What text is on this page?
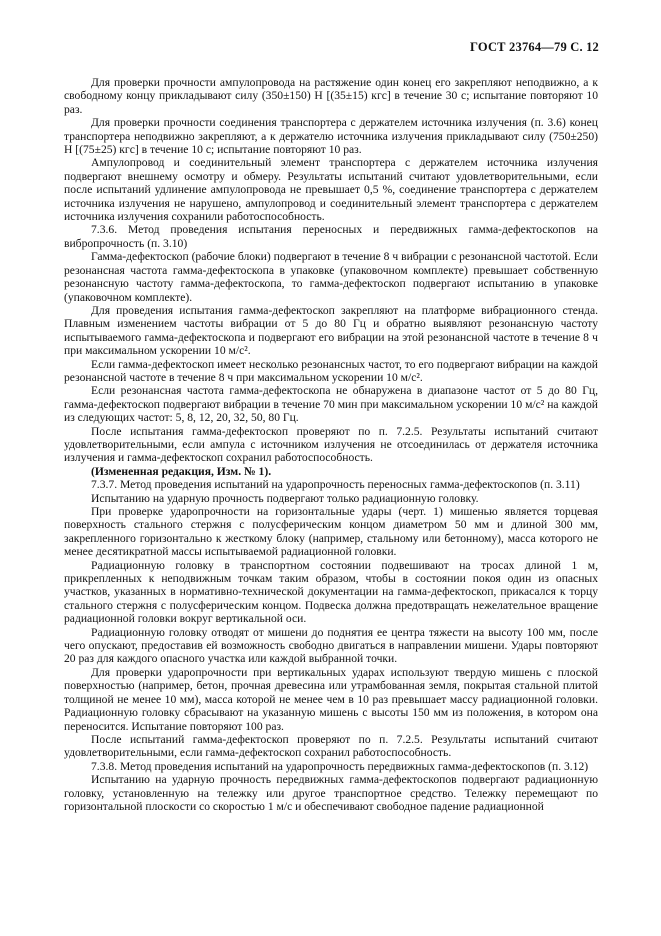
ГОСТ 23764—79 С. 12

Для проверки прочности ампулопровода на растяжение один конец его закрепляют неподвижно, а к свободному концу прикладывают силу (350±150) Н [(35±15) кгс] в течение 30 с; испытание повторяют 10 раз.

Для проверки прочности соединения транспортера с держателем источника излучения (п. 3.6) конец транспортера неподвижно закрепляют, а к держателю источника излучения прикладывают силу (750±250) Н [(75±25) кгс] в течение 10 с; испытание повторяют 10 раз.

Ампулопровод и соединительный элемент транспортера с держателем источника излучения подвергают внешнему осмотру и обмеру. Результаты испытаний считают удовлетворительными, если после испытаний удлинение ампулопровода не превышает 0,5 %, соединение транспортера с держателем источника излучения не нарушено, ампулопровод и соединительный элемент транспортера с держателем источника излучения сохранили работоспособность.

7.3.6. Метод проведения испытания переносных и передвижных гамма-дефектоскопов на вибропрочность (п. 3.10)

Гамма-дефектоскоп (рабочие блоки) подвергают в течение 8 ч вибрации с резонансной частотой. Если резонансная частота гамма-дефектоскопа в упаковке (упаковочном комплекте) превышает собственную резонансную частоту гамма-дефектоскопа, то гамма-дефектоскоп подвергают испытанию в упаковке (упаковочном комплекте).

Для проведения испытания гамма-дефектоскоп закрепляют на платформе вибрационного стенда. Плавным изменением частоты вибрации от 5 до 80 Гц и обратно выявляют резонансную частоту испытываемого гамма-дефектоскопа и подвергают его вибрации на этой резонансной частоте в течение 8 ч при максимальном ускорении 10 м/с².

Если гамма-дефектоскоп имеет несколько резонансных частот, то его подвергают вибрации на каждой резонансной частоте в течение 8 ч при максимальном ускорении 10 м/с².

Если резонансная частота гамма-дефектоскопа не обнаружена в диапазоне частот от 5 до 80 Гц, гамма-дефектоскоп подвергают вибрации в течение 70 мин при максимальном ускорении 10 м/с² на каждой из следующих частот: 5, 8, 12, 20, 32, 50, 80 Гц.

После испытания гамма-дефектоскоп проверяют по п. 7.2.5. Результаты испытаний считают удовлетворительными, если ампула с источником излучения не отсоединилась от держателя источника излучения и гамма-дефектоскоп сохранил работоспособность.

(Измененная редакция, Изм. № 1).

7.3.7. Метод проведения испытаний на ударопрочность переносных гамма-дефектоскопов (п. 3.11)

Испытанию на ударную прочность подвергают только радиационную головку.

При проверке ударопрочности на горизонтальные удары (черт. 1) мишенью является торцевая поверхность стального стержня с полусферическим концом диаметром 50 мм и длиной 300 мм, закрепленного горизонтально к жесткому блоку (например, стальному или бетонному), масса которого не менее десятикратной массы испытываемой радиационной головки.

Радиационную головку в транспортном состоянии подвешивают на тросах длиной 1 м, прикрепленных к неподвижным точкам таким образом, чтобы в состоянии покоя один из опасных участков, указанных в нормативно-технической документации на гамма-дефектоскоп, прикасался к торцу стального стержня с полусферическим концом. Подвеска должна предотвращать нежелательное вращение радиационной головки вокруг вертикальной оси.

Радиационную головку отводят от мишени до поднятия ее центра тяжести на высоту 100 мм, после чего опускают, предоставив ей возможность свободно двигаться в направлении мишени. Удары повторяют 20 раз для каждого опасного участка или каждой выбранной точки.

Для проверки ударопрочности при вертикальных ударах используют твердую мишень с плоской поверхностью (например, бетон, прочная древесина или утрамбованная земля, покрытая стальной плитой толщиной не менее 10 мм), масса которой не менее чем в 10 раз превышает массу радиационной головки. Радиационную головку сбрасывают на указанную мишень с высоты 150 мм из положения, в котором она переносится. Испытание повторяют 100 раз.

После испытаний гамма-дефектоскоп проверяют по п. 7.2.5. Результаты испытаний считают удовлетворительными, если гамма-дефектоскоп сохранил работоспособность.

7.3.8. Метод проведения испытаний на ударопрочность передвижных гамма-дефектоскопов (п. 3.12)

Испытанию на ударную прочность передвижных гамма-дефектоскопов подвергают радиационную головку, установленную на тележку или другое транспортное средство. Тележку перемещают по горизонтальной плоскости со скоростью 1 м/с и обеспечивают свободное падение радиационной
